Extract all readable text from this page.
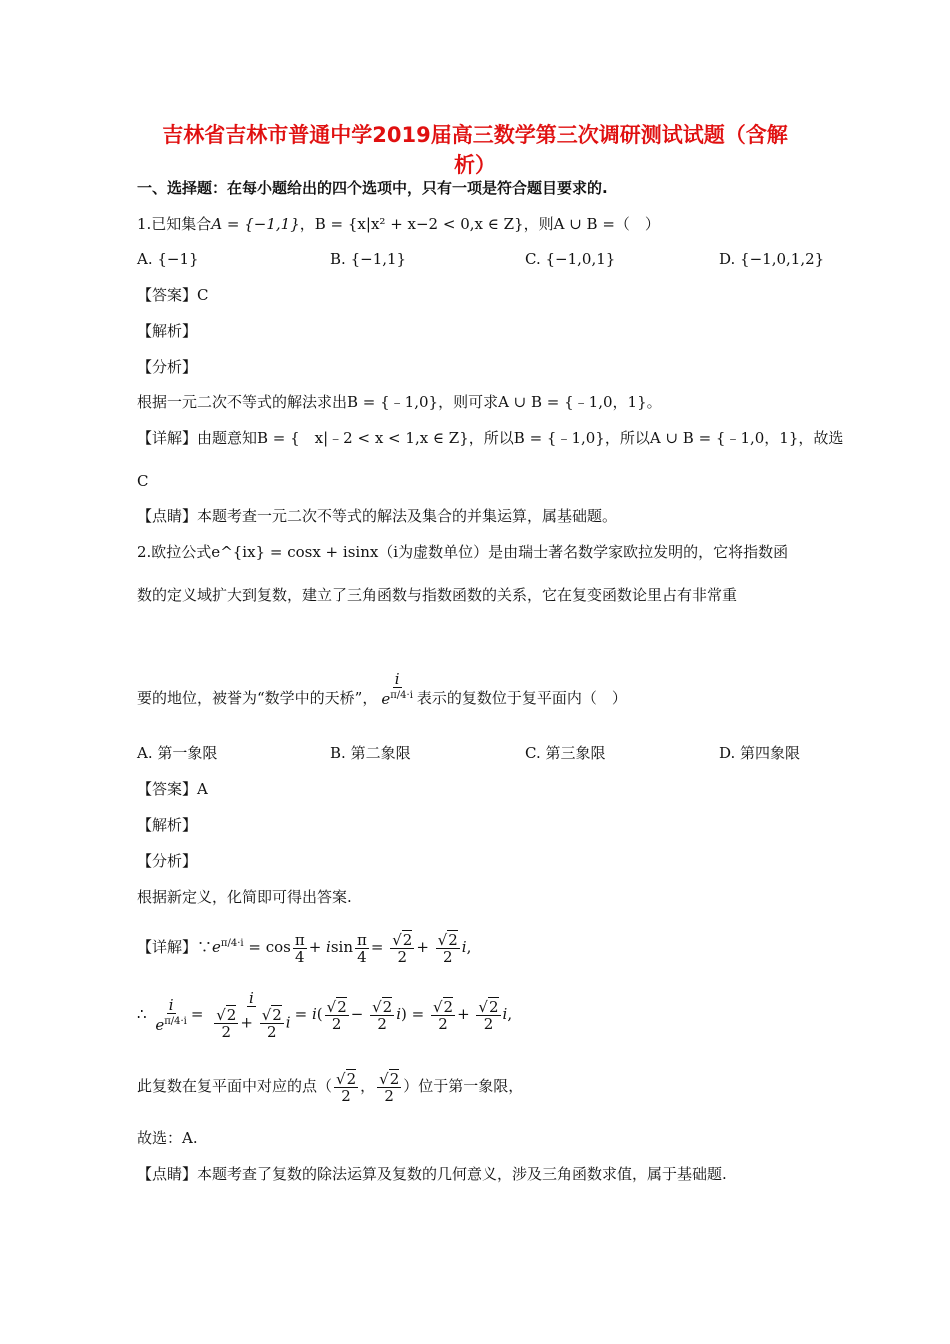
吉林省吉林市普通中学2019届高三数学第三次调研测试试题（含解
析）
一、选择题：在每小题给出的四个选项中，只有一项是符合题目要求的.
1.已知集合A = {−1,1}，B = {x|x² + x−2 < 0,x ∈ Z}，则A ∪ B =（　）
A. {−1}	B. {−1,1}	C. {−1,0,1}	D. {−1,0,1,2}
【答案】C
【解析】
【分析】
根据一元二次不等式的解法求出B = {﹣1,0}，则可求A ∪ B = {﹣1,0，1}。
【详解】由题意知B = {　x|﹣2 < x < 1,x ∈ Z}，所以B = {﹣1,0}，所以A ∪ B = {﹣1,0，1}，故选
C
【点睛】本题考查一元二次不等式的解法及集合的并集运算，属基础题。
2.欧拉公式e^{ix} = cosx + isinx（i为虚数单位）是由瑞士著名数学家欧拉发明的，它将指数函
数的定义域扩大到复数，建立了三角函数与指数函数的关系，它在复变函数论里占有非常重
要的地位，被誉为“数学中的天桥”， $\frac{i}{e^{\pi/4\cdot i}}$ 表示的复数位于复平面内（　）
A. 第一象限	B. 第二象限	C. 第三象限	D. 第四象限
【答案】A
【解析】
【分析】
根据新定义，化简即可得出答案.
【详解】$\because e^{\pi/4\cdot i} = \cos \frac{\pi}{4} + isin \frac{\pi}{4} = \frac{√2}{2} + \frac{√2}{2} i$,
∴ $\frac{i}{e^{\pi/4\cdot i}} = \frac{i}{\frac{√2}{2} + \frac{√2}{2} i} = i( \frac{√2}{2} - \frac{√2}{2} i) = \frac{√2}{2} + \frac{√2}{2} i$,
此复数在复平面中对应的点（ $\frac{√2}{2}$ ， $\frac{√2}{2}$ ）位于第一象限，
故选：A.
【点睛】本题考查了复数的除法运算及复数的几何意义，涉及三角函数求值，属于基础题.
